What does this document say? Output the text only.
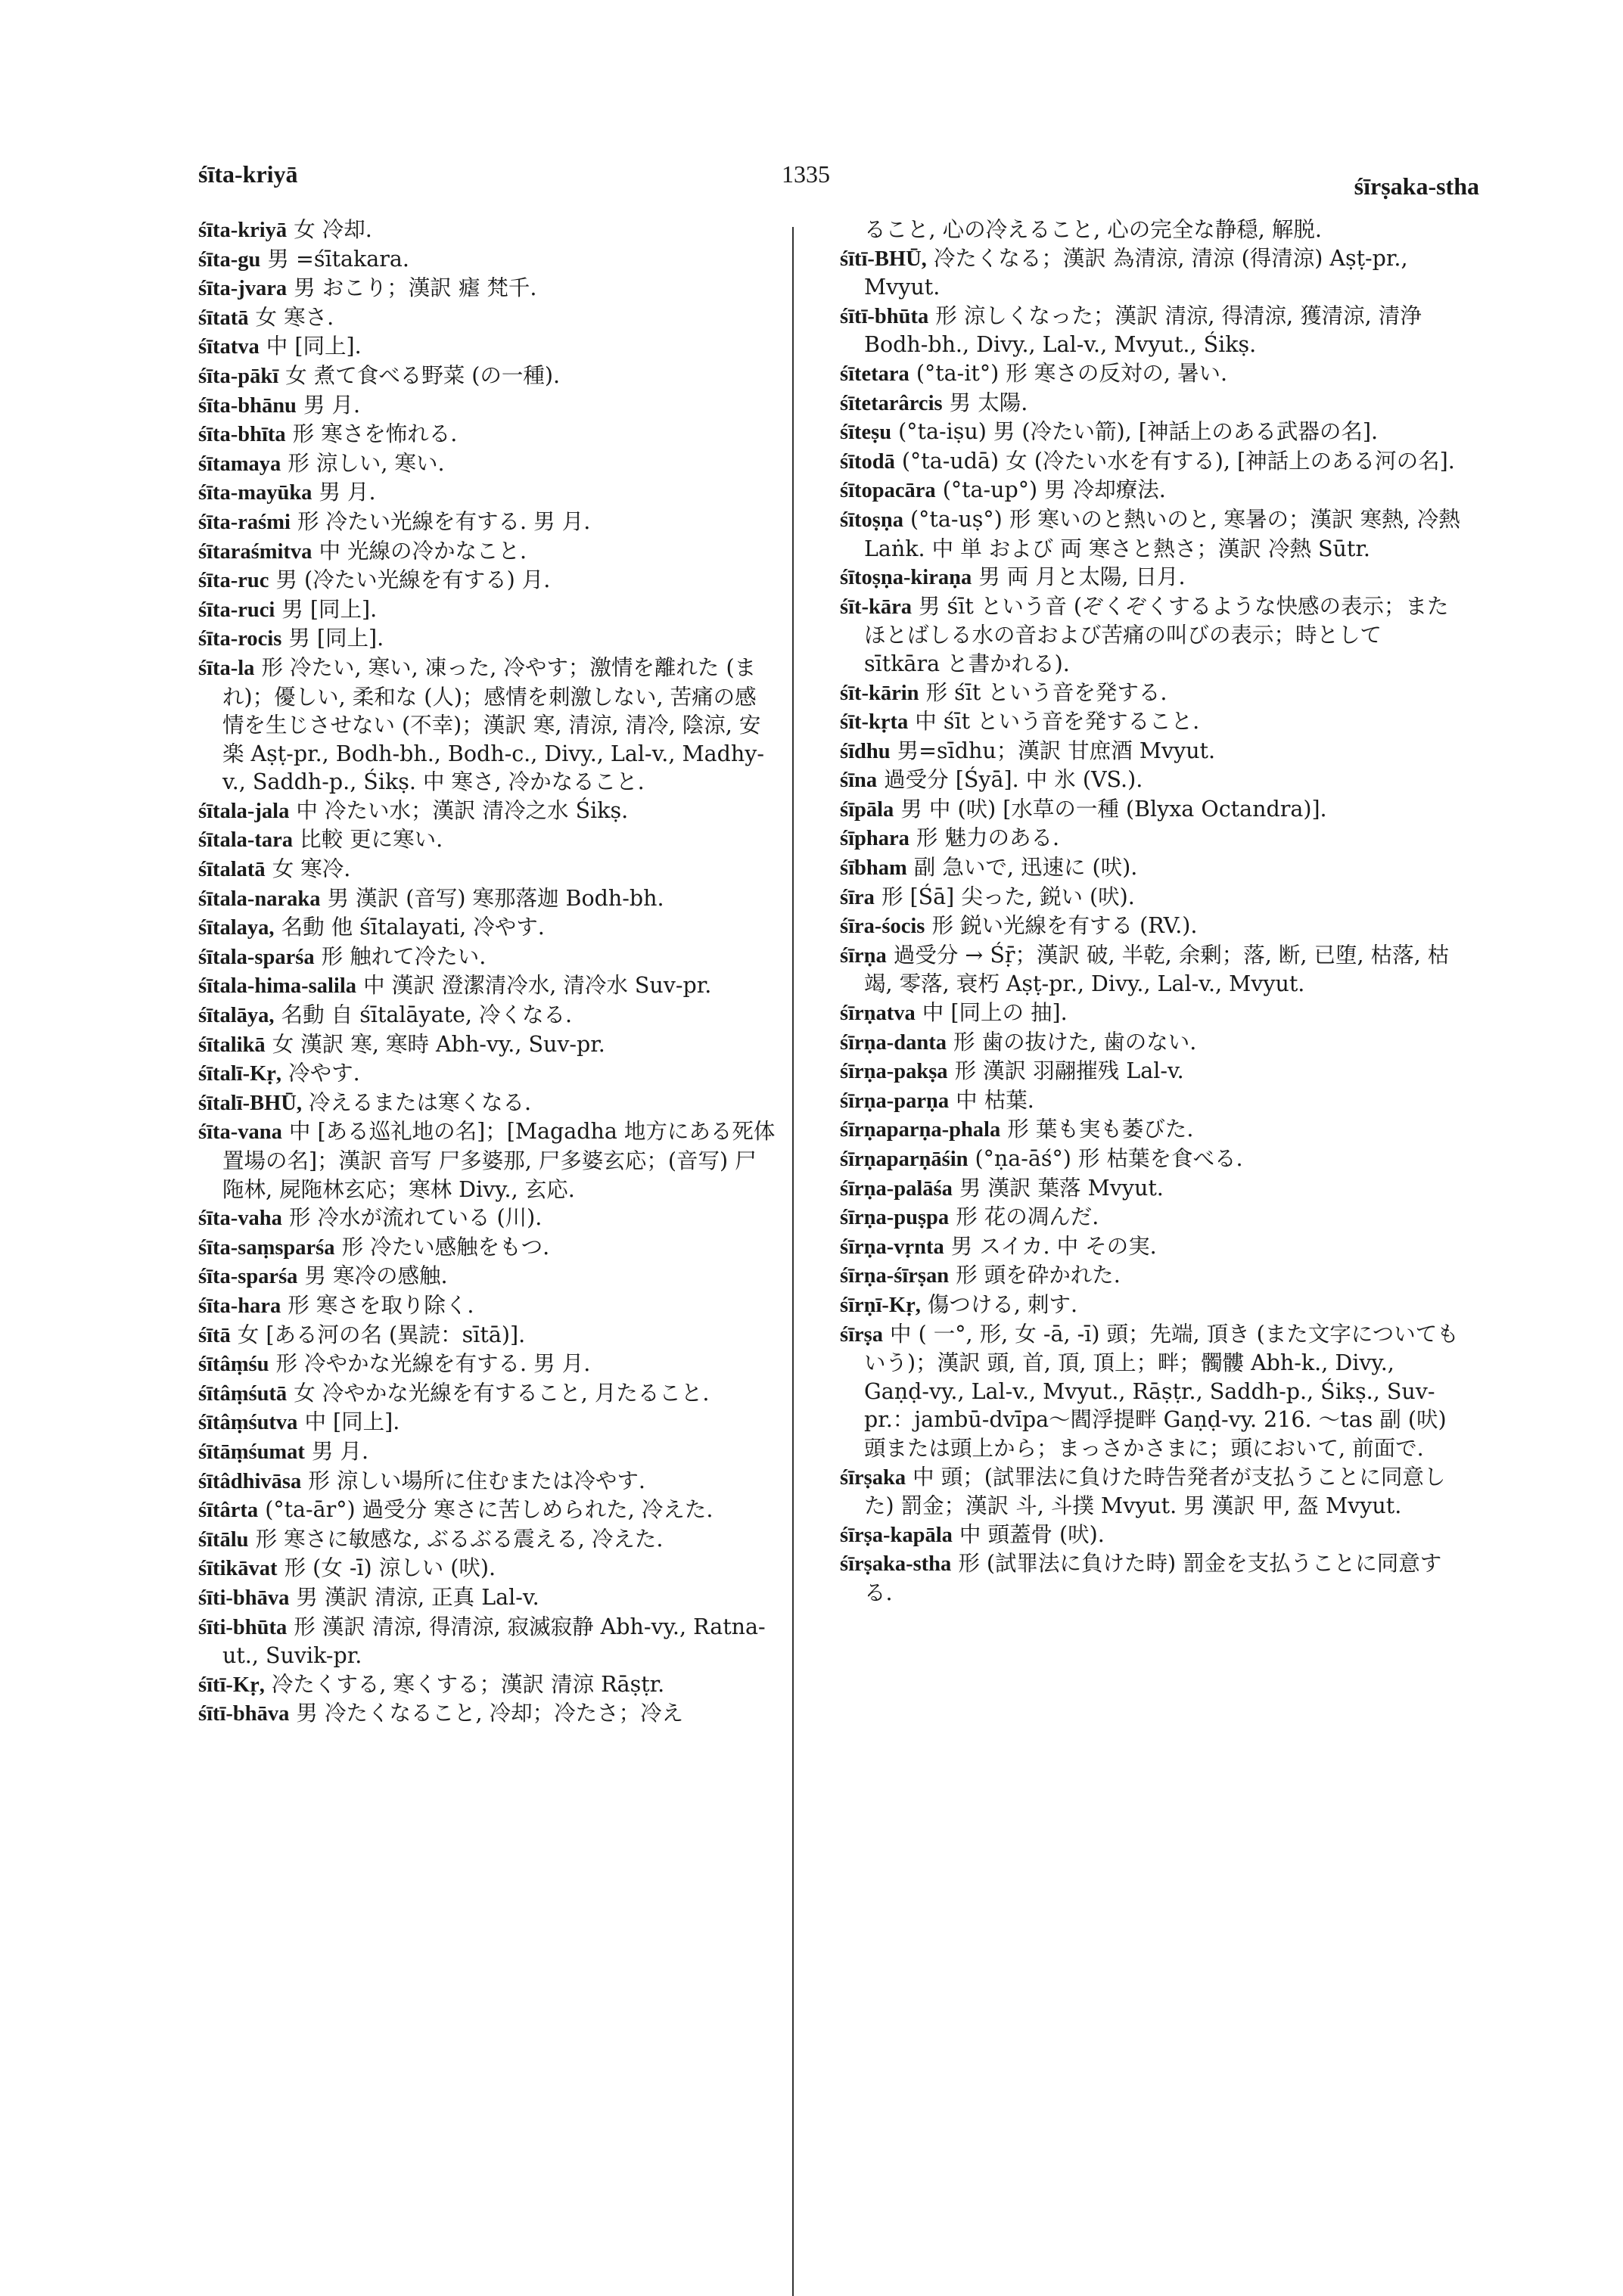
śīta-kriyā	1335	śīrṣaka-stha

śīta-kriyā 女 冷却.

śīta-gu 男 =śītakara.

śīta-jvara 男 おこり；漢訳 瘧 梵千.

śītatā 女 寒さ.

śītatva 中 [同上].

śīta-pākī 女 煮て食べる野菜 (の一種).

śīta-bhānu 男 月.

śīta-bhīta 形 寒さを怖れる.

śītamaya 形 涼しい, 寒い.

śīta-mayūka 男 月.

śīta-raśmi 形 冷たい光線を有する. 男 月.

śītaraśmitva 中 光線の冷かなこと.

śīta-ruc 男 (冷たい光線を有する) 月.

śīta-ruci 男 [同上].

śīta-rocis 男 [同上].

śīta-la 形 冷たい, 寒い, 凍った, 冷やす；激情を離れた (まれ)；優しい, 柔和な (人)；感情を刺激しない, 苦痛の感情を生じさせない (不幸)；漢訳 寒, 清涼, 清冷, 陰涼, 安楽 Aṣṭ-pr., Bodh-bh., Bodh-c., Divy., Lal-v., Madhy-v., Saddh-p., Śikṣ. 中 寒さ, 冷かなること.

śītala-jala 中 冷たい水；漢訳 清冷之水 Śikṣ.

śītala-tara 比較 更に寒い.

śītalatā 女 寒冷.

śītala-naraka 男 漢訳 (音写) 寒那落迦 Bodh-bh.

śītalaya, 名動 他 śītalayati, 冷やす.

śītala-sparśa 形 触れて冷たい.

śītala-hima-salila 中 漢訳 澄潔清冷水, 清冷水 Suv-pr.

śītalāya, 名動 自 śītalāyate, 冷くなる.

śītalikā 女 漢訳 寒, 寒時 Abh-vy., Suv-pr.

śītalī-Kṛ, 冷やす.

śītalī-BHŪ, 冷えるまたは寒くなる.

śīta-vana 中 [ある巡礼地の名]；[Magadha 地方にある死体置場の名]；漢訳 音写 尸多婆那, 尸多婆玄応；(音写) 尸陁林, 屍陁林玄応；寒林 Divy., 玄応.

śīta-vaha 形 冷水が流れている (川).

śīta-saṃsparśa 形 冷たい感触をもつ.

śīta-sparśa 男 寒冷の感触.

śīta-hara 形 寒さを取り除く.

śītā 女 [ある河の名 (異読：sītā)].

śītâṃśu 形 冷やかな光線を有する. 男 月.

śītâṃśutā 女 冷やかな光線を有すること, 月たること.

śītâṃśutva 中 [同上].

śītāṃśumat 男 月.

śītâdhivāsa 形 涼しい場所に住むまたは冷やす.

śītârta (°ta-ār°) 過受分 寒さに苦しめられた, 冷えた.

śītālu 形 寒さに敏感な, ぶるぶる震える, 冷えた.

śītikāvat 形 (女 -ī) 涼しい (吠).

śīti-bhāva 男 漢訳 清涼, 正真 Lal-v.

śīti-bhūta 形 漢訳 清涼, 得清涼, 寂滅寂静 Abh-vy., Ratna-ut., Suvik-pr.

śītī-Kṛ, 冷たくする, 寒くする；漢訳 清涼 Rāṣṭr.

śītī-bhāva 男 冷たくなること, 冷却；冷たさ；冷え

ること, 心の冷えること, 心の完全な静穏, 解脱.

śītī-BHŪ, 冷たくなる；漢訳 為清涼, 清涼 (得清涼) Aṣṭ-pr., Mvyut.

śītī-bhūta 形 涼しくなった；漢訳 清涼, 得清涼, 獲清涼, 清浄 Bodh-bh., Divy., Lal-v., Mvyut., Śikṣ.

śītetara (°ta-it°) 形 寒さの反対の, 暑い.

śītetarârcis 男 太陽.

śīteṣu (°ta-iṣu) 男 (冷たい箭), [神話上のある武器の名].

śītodā (°ta-udā) 女 (冷たい水を有する), [神話上のある河の名].

śītopacāra (°ta-up°) 男 冷却療法.

śītoṣṇa (°ta-uṣ°) 形 寒いのと熱いのと, 寒暑の；漢訳 寒熱, 冷熱 Laṅk. 中 単 および 両 寒さと熱さ；漢訳 冷熱 Sūtr.

śītoṣṇa-kiraṇa 男 両 月と太陽, 日月.

śīt-kāra 男 śīt という音 (ぞくぞくするような快感の表示；またほとばしる水の音および苦痛の叫びの表示；時として sītkāra と書かれる).

śīt-kārin 形 śīt という音を発する.

śīt-kṛta 中 śīt という音を発すること.

śīdhu 男=sīdhu；漢訳 甘庶酒 Mvyut.

śīna 過受分 [Śyā]. 中 氷 (VS.).

śīpāla 男 中 (吠) [水草の一種 (Blyxa Octandra)].

śīphara 形 魅力のある.

śībham 副 急いで, 迅速に (吠).

śīra 形 [Śā] 尖った, 鋭い (吠).

śīra-śocis 形 鋭い光線を有する (RV.).

śīrṇa 過受分 → Śṝ；漢訳 破, 半乾, 余剰；落, 断, 已堕, 枯落, 枯竭, 零落, 衰朽 Aṣṭ-pr., Divy., Lal-v., Mvyut.

śīrṇatva 中 [同上の 抽].

śīrṇa-danta 形 歯の抜けた, 歯のない.

śīrṇa-pakṣa 形 漢訳 羽翮摧残 Lal-v.

śīrṇa-parṇa 中 枯葉.

śīrṇaparṇa-phala 形 葉も実も萎びた.

śīrṇaparṇāśin (°ṇa-āś°) 形 枯葉を食べる.

śīrṇa-palāśa 男 漢訳 葉落 Mvyut.

śīrṇa-puṣpa 形 花の凋んだ.

śīrṇa-vṛnta 男 スイカ. 中 その実.

śīrṇa-śīrṣan 形 頭を砕かれた.

śīrṇī-Kṛ, 傷つける, 刺す.

śīrṣa 中 ( 一°, 形, 女 -ā, -ī) 頭；先端, 頂き (また文字についてもいう)；漢訳 頭, 首, 頂, 頂上；畔；髑髏 Abh-k., Divy., Gaṇḍ-vy., Lal-v., Mvyut., Rāṣṭr., Saddh-p., Śikṣ., Suv-pr.：jambū-dvīpa～閻浮提畔 Gaṇḍ-vy. 216. ～tas 副 (吠) 頭または頭上から；まっさかさまに；頭において, 前面で.

śīrṣaka 中 頭；(試罪法に負けた時告発者が支払うことに同意した) 罰金；漢訳 斗, 斗撲 Mvyut. 男 漢訳 甲, 盔 Mvyut.

śīrṣa-kapāla 中 頭蓋骨 (吠).

śīrṣaka-stha 形 (試罪法に負けた時) 罰金を支払うことに同意する.
